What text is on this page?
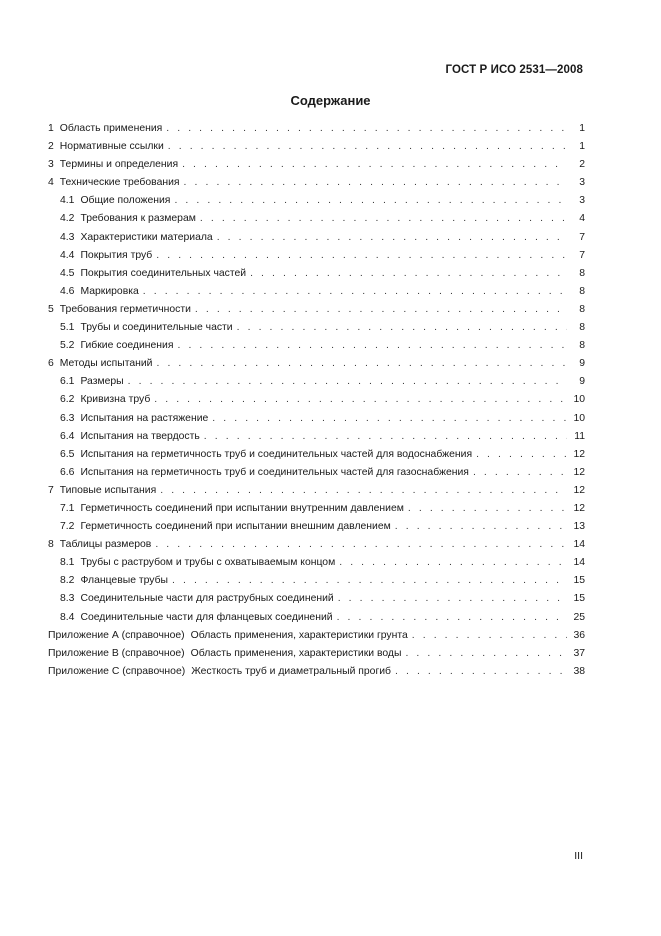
ГОСТ Р ИСО 2531—2008
Содержание
1 Область применения . . .	1
2 Нормативные ссылки . . .	1
3 Термины и определения . . .	2
4 Технические требования . . .	3
4.1 Общие положения . . .	3
4.2 Требования к размерам . . .	4
4.3 Характеристики материала . . .	7
4.4 Покрытия труб . . .	7
4.5 Покрытия соединительных частей . . .	8
4.6 Маркировка . . .	8
5 Требования герметичности . . .	8
5.1 Трубы и соединительные части . . .	8
5.2 Гибкие соединения . . .	8
6 Методы испытаний . . .	9
6.1 Размеры . . .	9
6.2 Кривизна труб . . .	10
6.3 Испытания на растяжение . . .	10
6.4 Испытания на твердость . . .	11
6.5 Испытания на герметичность труб и соединительных частей для водоснабжения . . .	12
6.6 Испытания на герметичность труб и соединительных частей для газоснабжения . . .	12
7 Типовые испытания . . .	12
7.1 Герметичность соединений при испытании внутренним давлением . . .	12
7.2 Герметичность соединений при испытании внешним давлением . . .	13
8 Таблицы размеров . . .	14
8.1 Трубы с раструбом и трубы с охватываемым концом . . .	14
8.2 Фланцевые трубы . . .	15
8.3 Соединительные части для раструбных соединений . . .	15
8.4 Соединительные части для фланцевых соединений . . .	25
Приложение А (справочное) Область применения, характеристики грунта . . .	36
Приложение В (справочное) Область применения, характеристики воды . . .	37
Приложение С (справочное) Жесткость труб и диаметральный прогиб . . .	38
III
